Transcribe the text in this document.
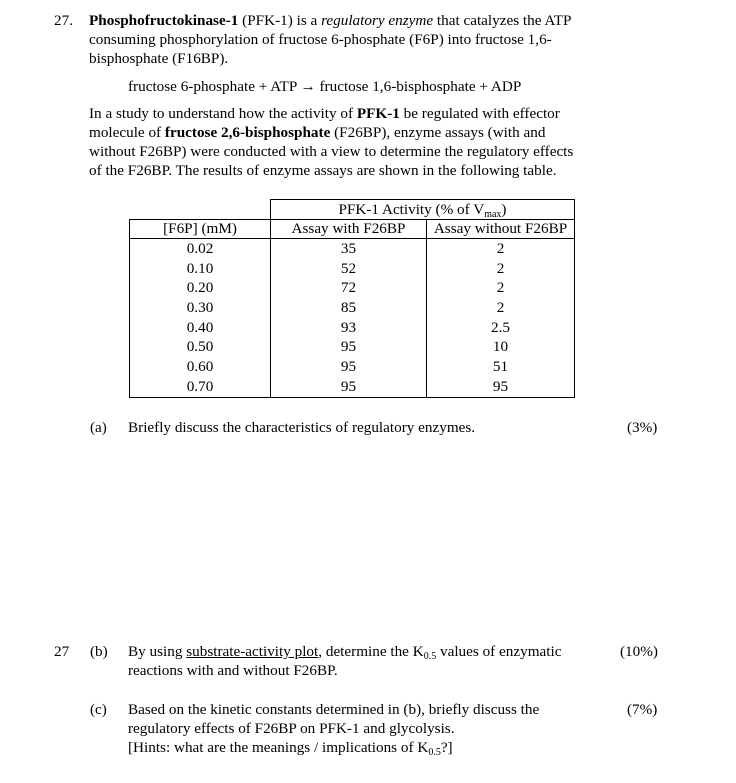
27. Phosphofructokinase-1 (PFK-1) is a regulatory enzyme that catalyzes the ATP
consuming phosphorylation of fructose 6-phosphate (F6P) into fructose 1,6-
bisphosphate (F16BP).
fructose 6-phosphate + ATP → fructose 1,6-bisphosphate + ADP
In a study to understand how the activity of PFK-1 be regulated with effector
molecule of fructose 2,6-bisphosphate (F26BP), enzyme assays (with and
without F26BP) were conducted with a view to determine the regulatory effects
of the F26BP. The results of enzyme assays are shown in the following table.
PFK-1 Activity (% of $V_{max}$)
[F6P] (mM)	Assay with F26BP	Assay without F26BP
0.02	35	2
0.10	52	2
0.20	72	2
0.30	85	2
0.40	93	2.5
0.50	95	10
0.60	95	51
0.70	95	95
(a) Briefly discuss the characteristics of regulatory enzymes.	(3%)
27 (b) By using substrate-activity plot, determine the $K_{0.5}$ values of enzymatic
reactions with and without F26BP.
(10%)
(c) Based on the kinetic constants determined in (b), briefly discuss the
regulatory effects of F26BP on PFK-1 and glycolysis.
[Hints: what are the meanings / implications of $K_{0.5}$?]
(7%)
